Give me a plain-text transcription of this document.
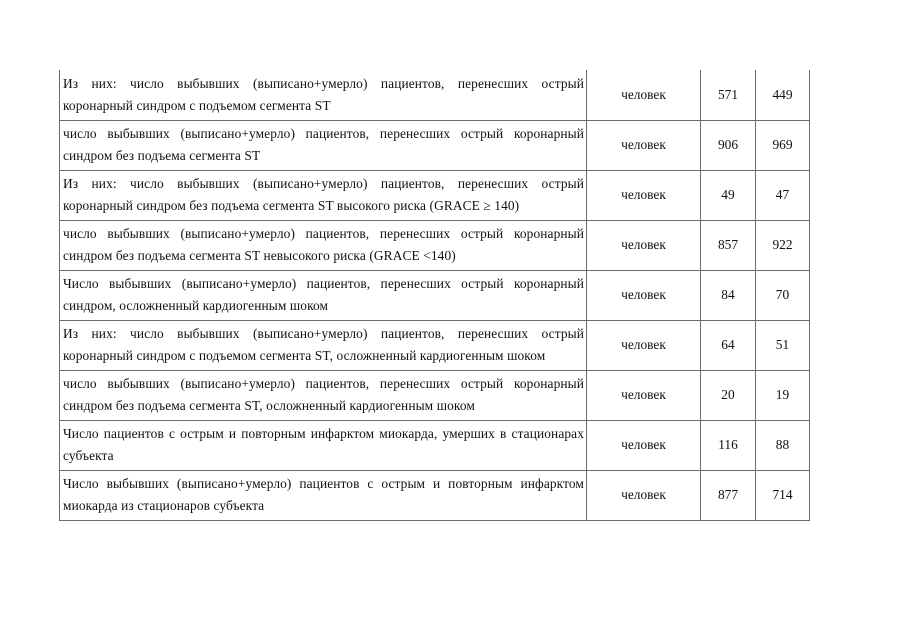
Из них: число выбывших (выписано+умерло) пациентов, перенесших острый коронарный синдром с подъемом сегмента ST	человек	571	449

число выбывших (выписано+умерло) пациентов, перенесших острый коронарный синдром без подъема сегмента ST	человек	906	969

Из них: число выбывших (выписано+умерло) пациентов, перенесших острый коронарный синдром без подъема сегмента ST высокого риска (GRACE ≥ 140)	человек	49	47

число выбывших (выписано+умерло) пациентов, перенесших острый коронарный синдром без подъема сегмента ST невысокого риска (GRACE <140)	человек	857	922

Число выбывших (выписано+умерло) пациентов, перенесших острый коронарный синдром, осложненный кардиогенным шоком	человек	84	70

Из них: число выбывших (выписано+умерло) пациентов, перенесших острый коронарный синдром с подъемом сегмента ST, осложненный кардиогенным шоком	человек	64	51

число выбывших (выписано+умерло) пациентов, перенесших острый коронарный синдром без подъема сегмента ST, осложненный кардиогенным шоком	человек	20	19

Число пациентов с острым и повторным инфарктом миокарда, умерших в стационарах субъекта	человек	116	88

Число выбывших (выписано+умерло) пациентов с острым и повторным инфарктом миокарда из стационаров субъекта	человек	877	714
